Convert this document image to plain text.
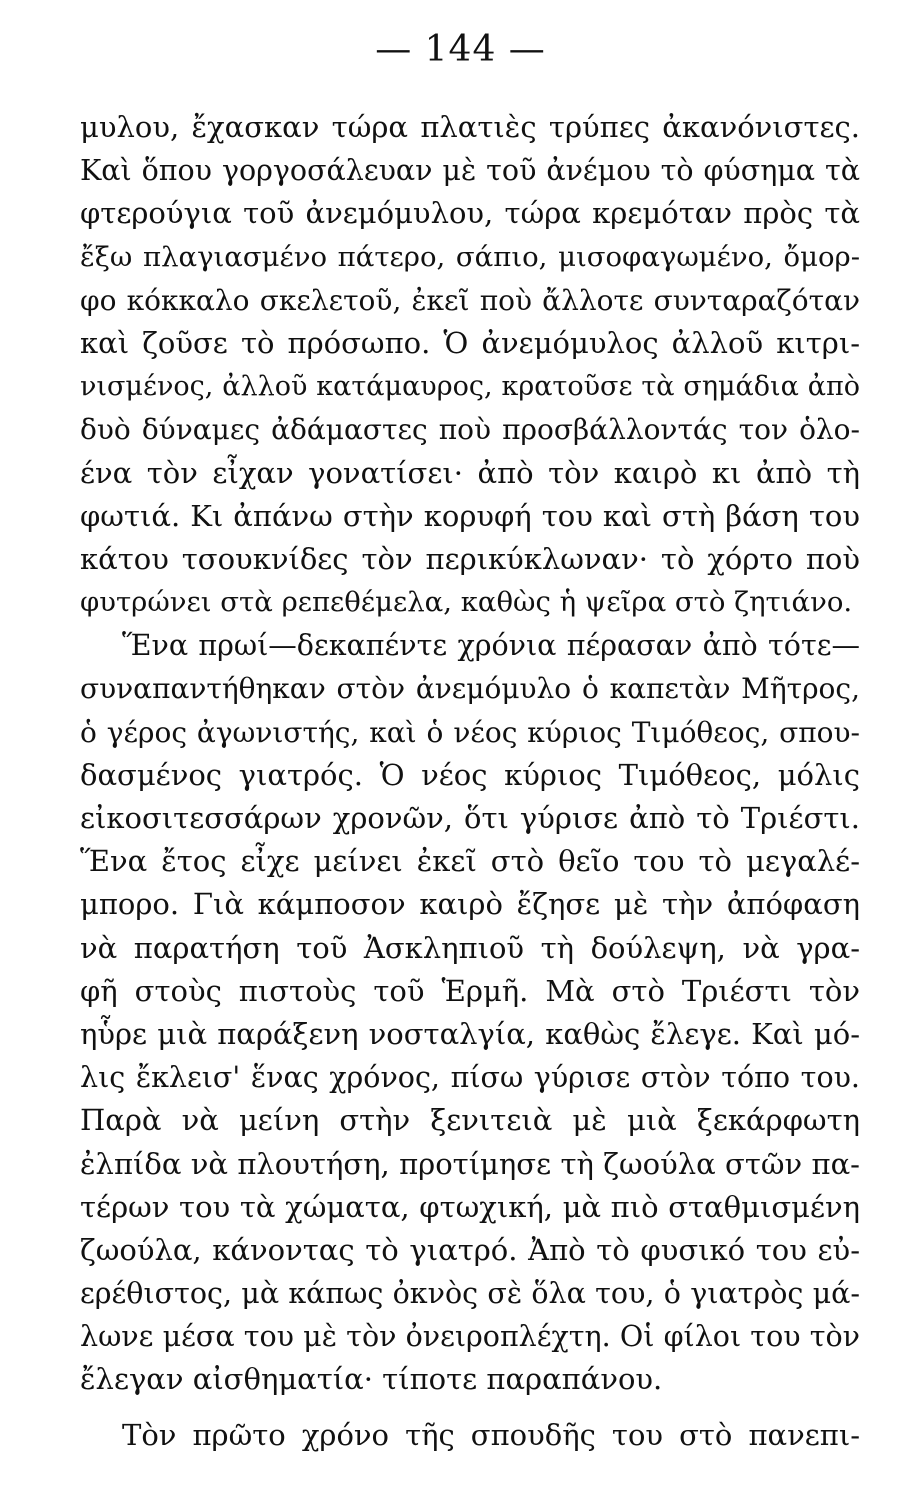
— 144 —
μυλου, ἔχασκαν τώρα πλατιὲς τρύπες ἀκανόνιστες.
Καὶ ὅπου γοργοσάλευαν μὲ τοῦ ἀνέμου τὸ φύσημα τὰ
φτερούγια τοῦ ἀνεμόμυλου, τώρα κρεμόταν πρὸς τὰ
ἔξω πλαγιασμένο πάτερο, σάπιο, μισοφαγωμένο, ὄμορ-
φο κόκκαλο σκελετοῦ, ἐκεῖ ποὺ ἄλλοτε συνταραζόταν
καὶ ζοῦσε τὸ πρόσωπο. Ὁ ἀνεμόμυλος ἀλλοῦ κιτρι-
νισμένος, ἀλλοῦ κατάμαυρος, κρατοῦσε τὰ σημάδια ἀπὸ
δυὸ δύναμες ἀδάμαστες ποὺ προσβάλλοντάς τον ὁλο-
ένα τὸν εἶχαν γονατίσει· ἀπὸ τὸν καιρὸ κι ἀπὸ τὴ
φωτιά. Κι ἀπάνω στὴν κορυφή του καὶ στὴ βάση του
κάτου τσουκνίδες τὸν περικύκλωναν· τὸ χόρτο ποὺ
φυτρώνει στὰ ρεπεθέμελα, καθὼς ἡ ψεῖρα στὸ ζητιάνο.
Ἕνα πρωί—δεκαπέντε χρόνια πέρασαν ἀπὸ τότε—
συναπαντήθηκαν στὸν ἀνεμόμυλο ὁ καπετὰν Μῆτρος,
ὁ γέρος ἀγωνιστής, καὶ ὁ νέος κύριος Τιμόθεος, σπου-
δασμένος γιατρός. Ὁ νέος κύριος Τιμόθεος, μόλις
εἰκοσιτεσσάρων χρονῶν, ὅτι γύρισε ἀπὸ τὸ Τριέστι.
Ἕνα ἔτος εἶχε μείνει ἐκεῖ στὸ θεῖο του τὸ μεγαλέ-
μπορο. Γιὰ κάμποσον καιρὸ ἔζησε μὲ τὴν ἀπόφαση
νὰ παρατήση τοῦ Ἀσκληπιοῦ τὴ δούλεψη, νὰ γρα-
φῆ στοὺς πιστοὺς τοῦ Ἑρμῆ. Μὰ στὸ Τριέστι τὸν
ηὗρε μιὰ παράξενη νοσταλγία, καθὼς ἔλεγε. Καὶ μό-
λις ἔκλεισ' ἕνας χρόνος, πίσω γύρισε στὸν τόπο του.
Παρὰ νὰ μείνη στὴν ξενιτειὰ μὲ μιὰ ξεκάρφωτη
ἐλπίδα νὰ πλουτήση, προτίμησε τὴ ζωούλα στῶν πα-
τέρων του τὰ χώματα, φτωχική, μὰ πιὸ σταθμισμένη
ζωούλα, κάνοντας τὸ γιατρό. Ἀπὸ τὸ φυσικό του εὐ-
ερέθιστος, μὰ κάπως ὀκνὸς σὲ ὅλα του, ὁ γιατρὸς μά-
λωνε μέσα του μὲ τὸν ὀνειροπλέχτη. Οἱ φίλοι του τὸν
ἔλεγαν αἰσθηματία· τίποτε παραπάνου.
Τὸν πρῶτο χρόνο τῆς σπουδῆς του στὸ πανεπι-
